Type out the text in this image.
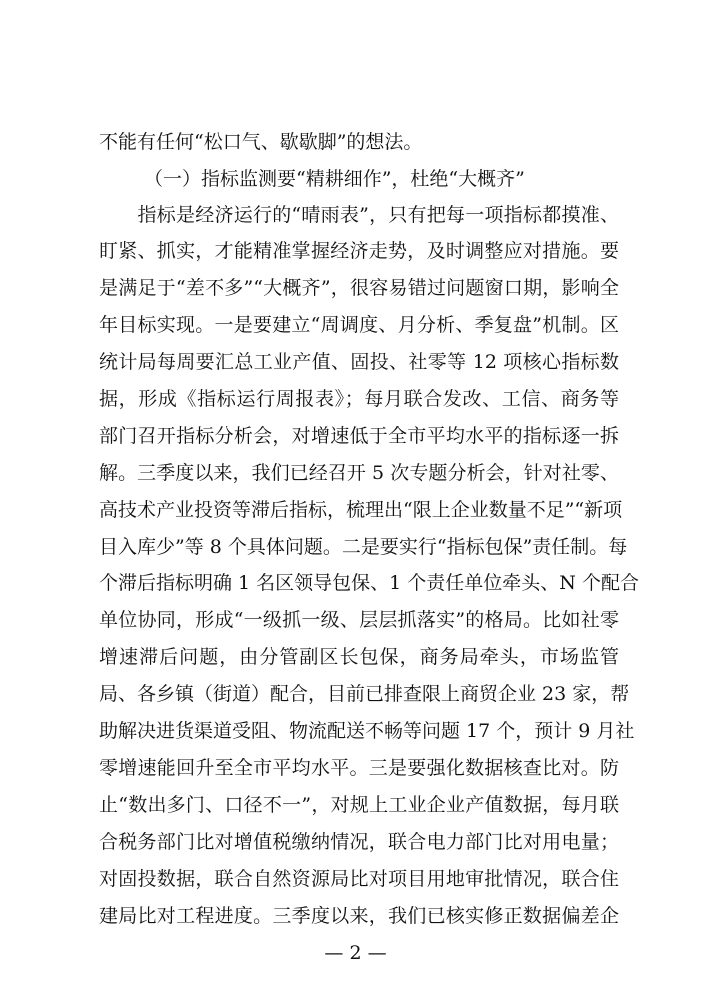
不能有任何“松口气、歇歇脚”的想法。
（一）指标监测要“精耕细作”，杜绝“大概齐”
　　指标是经济运行的“晴雨表”，只有把每一项指标都摸准、
盯紧、抓实，才能精准掌握经济走势，及时调整应对措施。要
是满足于“差不多”“大概齐”，很容易错过问题窗口期，影响全
年目标实现。一是要建立“周调度、月分析、季复盘”机制。区
统计局每周要汇总工业产值、固投、社零等 12 项核心指标数
据，形成《指标运行周报表》；每月联合发改、工信、商务等
部门召开指标分析会，对增速低于全市平均水平的指标逐一拆
解。三季度以来，我们已经召开 5 次专题分析会，针对社零、
高技术产业投资等滞后指标，梳理出“限上企业数量不足”“新项
目入库少”等 8 个具体问题。二是要实行“指标包保”责任制。每
个滞后指标明确 1 名区领导包保、1 个责任单位牵头、N 个配合
单位协同，形成“一级抓一级、层层抓落实”的格局。比如社零
增速滞后问题，由分管副区长包保，商务局牵头，市场监管
局、各乡镇（街道）配合，目前已排查限上商贸企业 23 家，帮
助解决进货渠道受阻、物流配送不畅等问题 17 个，预计 9 月社
零增速能回升至全市平均水平。三是要强化数据核查比对。防
止“数出多门、口径不一”，对规上工业企业产值数据，每月联
合税务部门比对增值税缴纳情况，联合电力部门比对用电量；
对固投数据，联合自然资源局比对项目用地审批情况，联合住
建局比对工程进度。三季度以来，我们已核实修正数据偏差企
— 2 —
